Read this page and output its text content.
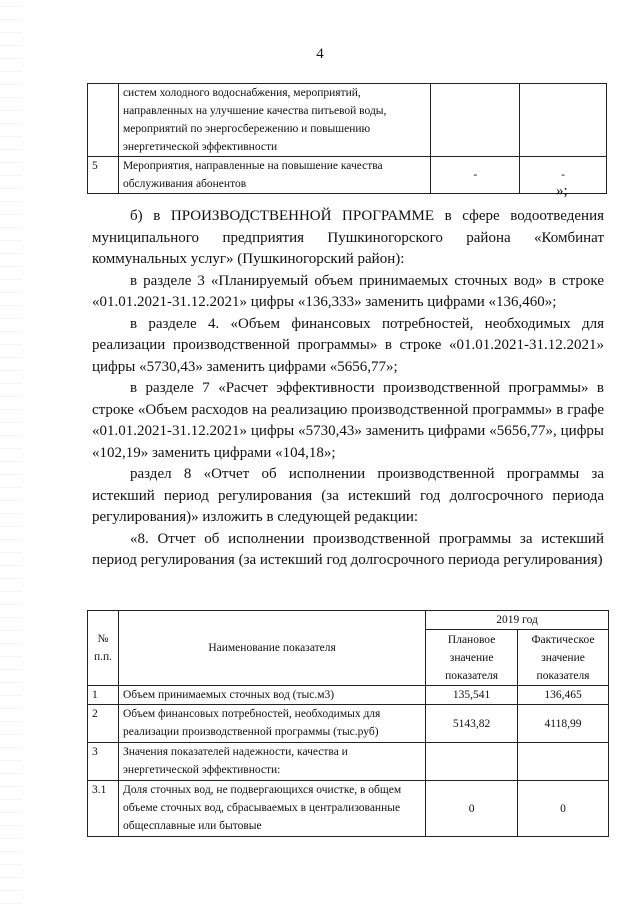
4
	систем холодного водоснабжения, мероприятий, направленных на улучшение качества питьевой воды, мероприятий по энергосбережению и повышению энергетической эффективности		
5	Мероприятия, направленные на повышение качества обслуживания абонентов	-	-
»;

б) в ПРОИЗВОДСТВЕННОЙ ПРОГРАММЕ в сфере водоотведения муниципального предприятия Пушкиногорского района «Комбинат коммунальных услуг» (Пушкиногорский район):

в разделе 3 «Планируемый объем принимаемых сточных вод» в строке «01.01.2021-31.12.2021» цифры «136,333» заменить цифрами «136,460»;

в разделе 4. «Объем финансовых потребностей, необходимых для реализации производственной программы» в строке «01.01.2021-31.12.2021» цифры «5730,43» заменить цифрами «5656,77»;

в разделе 7 «Расчет эффективности производственной программы» в строке «Объем расходов на реализацию производственной программы» в графе «01.01.2021-31.12.2021» цифры «5730,43» заменить цифрами «5656,77», цифры «102,19» заменить цифрами «104,18»;

раздел 8 «Отчет об исполнении производственной программы за истекший период регулирования (за истекший год долгосрочного периода регулирования)» изложить в следующей редакции:

«8. Отчет об исполнении производственной программы за истекший период регулирования (за истекший год долгосрочного периода регулирования)

№ п.п.	Наименование показателя	2019 год	
		Плановое значение показателя	Фактическое значение показателя
1	Объем принимаемых сточных вод (тыс.м3)	135,541	136,465
2	Объем финансовых потребностей, необходимых для реализации производственной программы (тыс.руб)	5143,82	4118,99
3	Значения показателей надежности, качества и энергетической эффективности:		
3.1	Доля сточных вод, не подвергающихся очистке, в общем объеме сточных вод, сбрасываемых в централизованные общесплавные или бытовые	0	0
